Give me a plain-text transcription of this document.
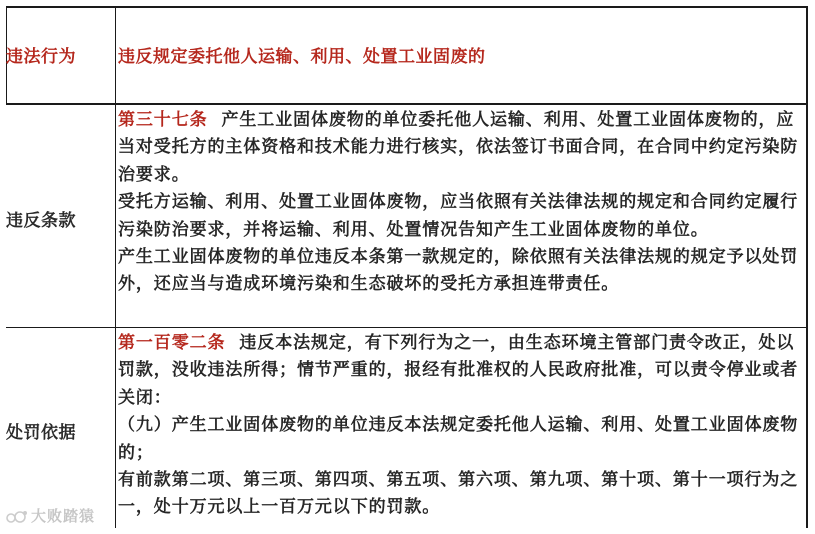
违法行为 违反规定委托他人运输、利用、处置工业固废的
违反条款

第三十七条 产生工业固体废物的单位委托他人运输、利用、处置工业固体废物的，应当对受托方的主体资格和技术能力进行核实，依法签订书面合同，在合同中约定污染防治要求。

受托方运输、利用、处置工业固体废物，应当依照有关法律法规的规定和合同约定履行污染防治要求，并将运输、利用、处置情况告知产生工业固体废物的单位。

产生工业固体废物的单位违反本条第一款规定的，除依照有关法律法规的规定予以处罚外，还应当与造成环境污染和生态破坏的受托方承担连带责任。

处罚依据

第一百零二条 违反本法规定，有下列行为之一，由生态环境主管部门责令改正，处以罚款，没收违法所得；情节严重的，报经有批准权的人民政府批准，可以责令停业或者关闭：

（九）产生工业固体废物的单位违反本法规定委托他人运输、利用、处置工业固体废物的；

有前款第二项、第三项、第四项、第五项、第六项、第九项、第十项、第十一项行为之一，处十万元以上一百万元以下的罚款。

大败踏猿
